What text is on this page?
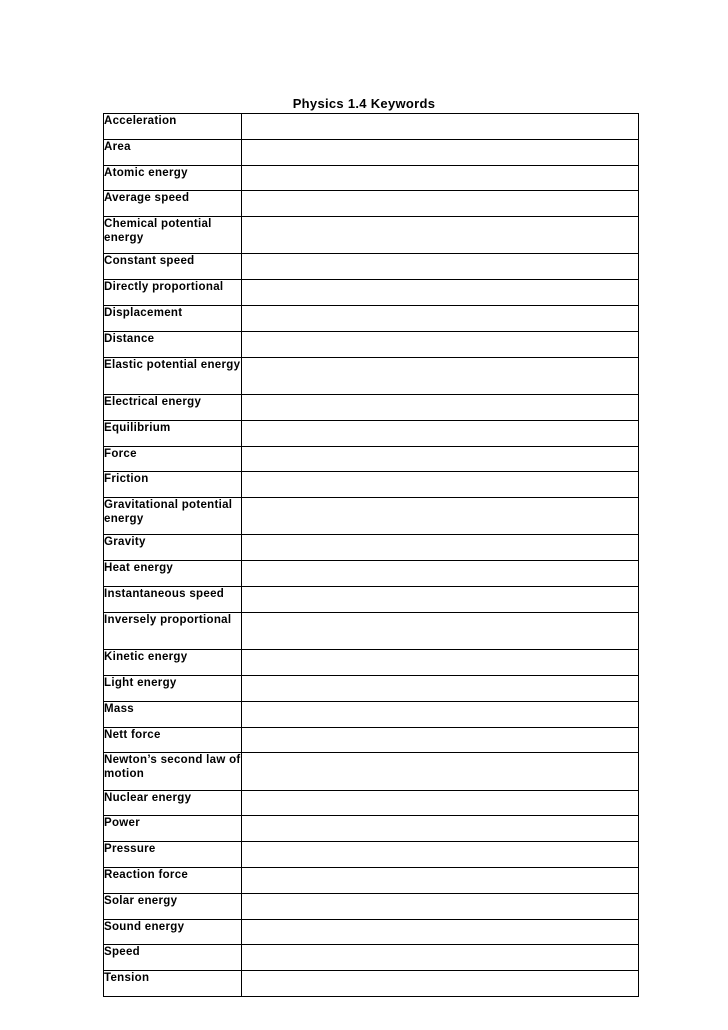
Physics 1.4 Keywords
Acceleration	
Area	
Atomic energy	
Average speed	
Chemical potential energy	
Constant speed	
Directly proportional	
Displacement	
Distance	
Elastic potential energy	
Electrical energy	
Equilibrium	
Force	
Friction	
Gravitational potential energy	
Gravity	
Heat energy	
Instantaneous speed	
Inversely proportional	
Kinetic energy	
Light energy	
Mass	
Nett force	
Newton’s second law of motion	
Nuclear energy	
Power	
Pressure	
Reaction force	
Solar energy	
Sound energy	
Speed	
Tension	
